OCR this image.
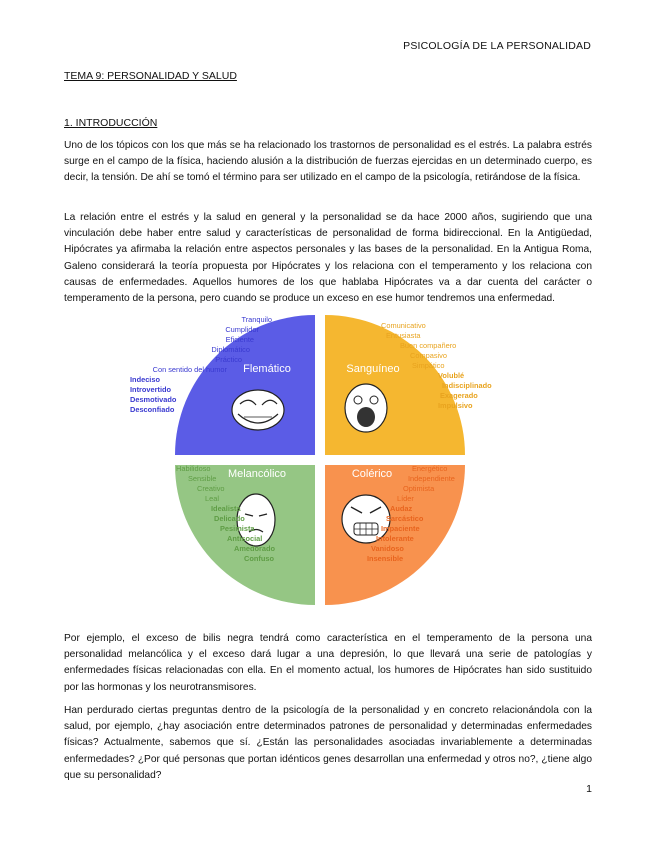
PSICOLOGÍA DE LA PERSONALIDAD
TEMA 9: PERSONALIDAD Y SALUD
1. INTRODUCCIÓN

Uno de los tópicos con los que más se ha relacionado los trastornos de personalidad es el estrés. La palabra estrés surge en el campo de la física, haciendo alusión a la distribución de fuerzas ejercidas en un determinado cuerpo, es decir, la tensión. De ahí se tomó el término para ser utilizado en el campo de la psicología, retirándose de la física.

La relación entre el estrés y la salud en general y la personalidad se da hace 2000 años, sugiriendo que una vinculación debe haber entre salud y características de personalidad de forma bidireccional. En la Antigüedad, Hipócrates ya afirmaba la relación entre aspectos personales y las bases de la personalidad. En la Antigua Roma, Galeno considerará la teoría propuesta por Hipócrates y los relaciona con el temperamento y los relaciona con causas de enfermedades. Aquellos humores de los que hablaba Hipócrates va a dar cuenta del carácter o temperamento de la persona, pero cuando se produce un exceso en ese humor tendremos una enfermedad.

Flemático	Sanguíneo
Melancólico	Colérico
Tranquilo
Cumplidor
Eficiente
Diplomático
Práctico
Con sentido del humor
Indeciso
Introvertido
Desmotivado
Desconfiado
Comunicativo
Entusiasta
Buen compañero
Compasivo
Simpático
Volublé
Indisciplinado
Exagerado
Impulsivo
Habilidoso
Sensible
Creativo
Leal
Idealista
Delicado
Pesimista
Antisocial
Amedorado
Confuso
Energético
Independiente
Optimista
Líder
Audaz
Sarcástico
Impaciente
Intolerante
Vanidoso
Insensible

Por ejemplo, el exceso de bilis negra tendrá como característica en el temperamento de la persona una personalidad melancólica y el exceso dará lugar a una depresión, lo que llevará una serie de patologías y enfermedades físicas relacionadas con ella. En el momento actual, los humores de Hipócrates han sido sustituido por las hormonas y los neurotransmisores.

Han perdurado ciertas preguntas dentro de la psicología de la personalidad y en concreto relacionándola con la salud, por ejemplo, ¿hay asociación entre determinados patrones de personalidad y determinadas enfermedades físicas? Actualmente, sabemos que sí. ¿Están las personalidades asociadas invariablemente a determinadas enfermedades? ¿Por qué personas que portan idénticos genes desarrollan una enfermedad y otros no?, ¿tiene algo que su personalidad?

1
